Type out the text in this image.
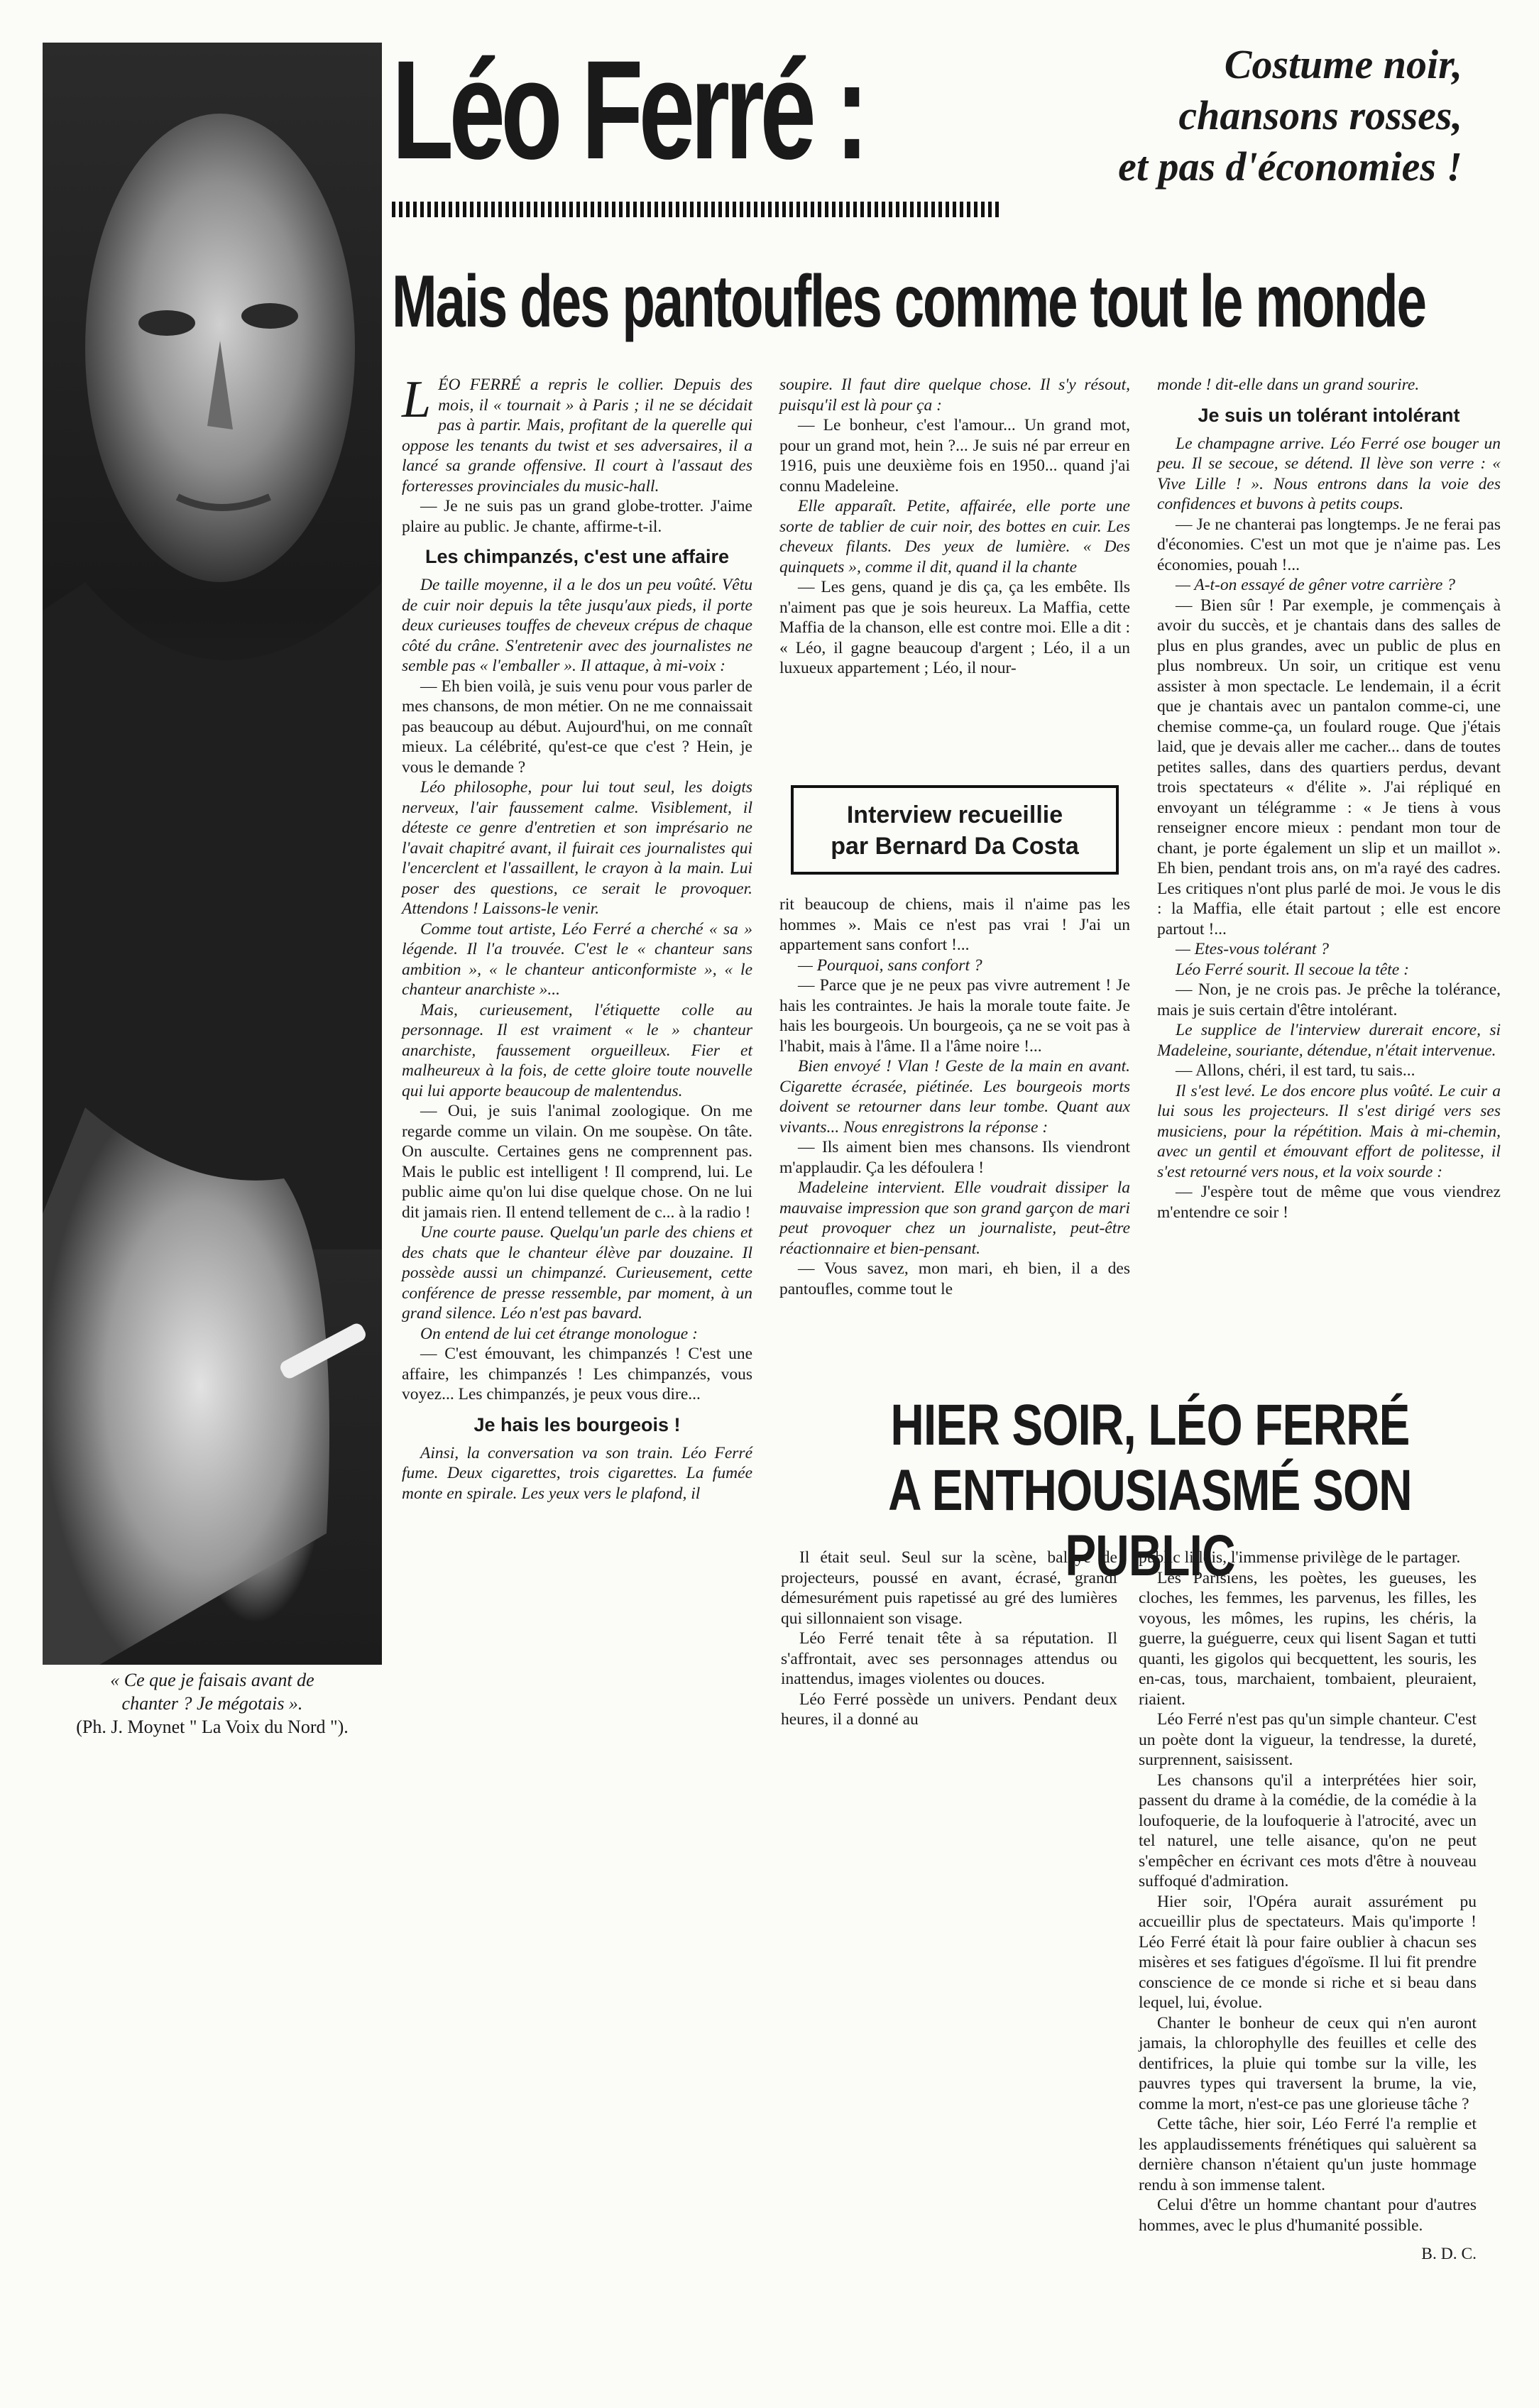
« Ce que je faisais avant de
chanter ? Je mégotais ».
(Ph. J. Moynet " La Voix du Nord ").
Léo Ferré :	Costume noir,
chansons rosses,
et pas d'économies !
Mais des pantoufles comme tout le monde

LÉO FERRÉ a repris le collier. Depuis des mois, il « tournait » à Paris ; il ne se décidait pas à partir. Mais, profitant de la querelle qui oppose les tenants du twist et ses adversaires, il a lancé sa grande offensive. Il court à l'assaut des forteresses provinciales du music-hall.

— Je ne suis pas un grand globe-trotter. J'aime plaire au public. Je chante, affirme-t-il.

Les chimpanzés, c'est une affaire

De taille moyenne, il a le dos un peu voûté. Vêtu de cuir noir depuis la tête jusqu'aux pieds, il porte deux curieuses touffes de cheveux crépus de chaque côté du crâne. S'entretenir avec des journalistes ne semble pas « l'emballer ». Il attaque, à mi-voix :

— Eh bien voilà, je suis venu pour vous parler de mes chansons, de mon métier. On ne me connaissait pas beaucoup au début. Aujourd'hui, on me connaît mieux. La célébrité, qu'est-ce que c'est ? Hein, je vous le demande ?

Léo philosophe, pour lui tout seul, les doigts nerveux, l'air faussement calme. Visiblement, il déteste ce genre d'entretien et son imprésario ne l'avait chapitré avant, il fuirait ces journalistes qui l'encerclent et l'assaillent, le crayon à la main. Lui poser des questions, ce serait le provoquer. Attendons ! Laissons-le venir.

Comme tout artiste, Léo Ferré a cherché « sa » légende. Il l'a trouvée. C'est le « chanteur sans ambition », « le chanteur anticonformiste », « le chanteur anarchiste »...

Mais, curieusement, l'étiquette colle au personnage. Il est vraiment « le » chanteur anarchiste, faussement orgueilleux. Fier et malheureux à la fois, de cette gloire toute nouvelle qui lui apporte beaucoup de malentendus.

— Oui, je suis l'animal zoologique. On me regarde comme un vilain. On me soupèse. On tâte. On ausculte. Certaines gens ne comprennent pas. Mais le public est intelligent ! Il comprend, lui. Le public aime qu'on lui dise quelque chose. On ne lui dit jamais rien. Il entend tellement de c... à la radio !

Une courte pause. Quelqu'un parle des chiens et des chats que le chanteur élève par douzaine. Il possède aussi un chimpanzé. Curieusement, cette conférence de presse ressemble, par moment, à un grand silence. Léo n'est pas bavard.

On entend de lui cet étrange monologue :

— C'est émouvant, les chimpanzés ! C'est une affaire, les chimpanzés ! Les chimpanzés, vous voyez... Les chimpanzés, je peux vous dire...

Je hais les bourgeois !

Ainsi, la conversation va son train. Léo Ferré fume. Deux cigarettes, trois cigarettes. La fumée monte en spirale. Les yeux vers le plafond, il

soupire. Il faut dire quelque chose. Il s'y résout, puisqu'il est là pour ça :

— Le bonheur, c'est l'amour... Un grand mot, pour un grand mot, hein ?... Je suis né par erreur en 1916, puis une deuxième fois en 1950... quand j'ai connu Madeleine.

Elle apparaît. Petite, affairée, elle porte une sorte de tablier de cuir noir, des bottes en cuir. Les cheveux filants. Des yeux de lumière. « Des quinquets », comme il dit, quand il la chante

— Les gens, quand je dis ça, ça les embête. Ils n'aiment pas que je sois heureux. La Maffia, cette Maffia de la chanson, elle est contre moi. Elle a dit : « Léo, il gagne beaucoup d'argent ; Léo, il a un luxueux appartement ; Léo, il nour-

Interview recueillie
par Bernard Da Costa

rit beaucoup de chiens, mais il n'aime pas les hommes ». Mais ce n'est pas vrai ! J'ai un appartement sans confort !...

— Pourquoi, sans confort ?

— Parce que je ne peux pas vivre autrement ! Je hais les contraintes. Je hais la morale toute faite. Je hais les bourgeois. Un bourgeois, ça ne se voit pas à l'habit, mais à l'âme. Il a l'âme noire !...

Bien envoyé ! Vlan ! Geste de la main en avant. Cigarette écrasée, piétinée. Les bourgeois morts doivent se retourner dans leur tombe. Quant aux vivants... Nous enregistrons la réponse :

— Ils aiment bien mes chansons. Ils viendront m'applaudir. Ça les défoulera !

Madeleine intervient. Elle voudrait dissiper la mauvaise impression que son grand garçon de mari peut provoquer chez un journaliste, peut-être réactionnaire et bien-pensant.

— Vous savez, mon mari, eh bien, il a des pantoufles, comme tout le

monde ! dit-elle dans un grand sourire.

Je suis un tolérant intolérant

Le champagne arrive. Léo Ferré ose bouger un peu. Il se secoue, se détend. Il lève son verre : « Vive Lille ! ». Nous entrons dans la voie des confidences et buvons à petits coups.

— Je ne chanterai pas longtemps. Je ne ferai pas d'économies. C'est un mot que je n'aime pas. Les économies, pouah !...

— A-t-on essayé de gêner votre carrière ?

— Bien sûr ! Par exemple, je commençais à avoir du succès, et je chantais dans des salles de plus en plus grandes, avec un public de plus en plus nombreux. Un soir, un critique est venu assister à mon spectacle. Le lendemain, il a écrit que je chantais avec un pantalon comme-ci, une chemise comme-ça, un foulard rouge. Que j'étais laid, que je devais aller me cacher... dans de toutes petites salles, dans des quartiers perdus, devant trois spectateurs « d'élite ». J'ai répliqué en envoyant un télégramme : « Je tiens à vous renseigner encore mieux : pendant mon tour de chant, je porte également un slip et un maillot ». Eh bien, pendant trois ans, on m'a rayé des cadres. Les critiques n'ont plus parlé de moi. Je vous le dis : la Maffia, elle était partout ; elle est encore partout !...

— Etes-vous tolérant ?

Léo Ferré sourit. Il secoue la tête :

— Non, je ne crois pas. Je prêche la tolérance, mais je suis certain d'être intolérant.

Le supplice de l'interview durerait encore, si Madeleine, souriante, détendue, n'était intervenue.

— Allons, chéri, il est tard, tu sais...

Il s'est levé. Le dos encore plus voûté. Le cuir a lui sous les projecteurs. Il s'est dirigé vers ses musiciens, pour la répétition. Mais à mi-chemin, avec un gentil et émouvant effort de politesse, il s'est retourné vers nous, et la voix sourde :

— J'espère tout de même que vous viendrez m'entendre ce soir !

HIER SOIR, LÉO FERRÉ
A ENTHOUSIASMÉ SON PUBLIC

Il était seul. Seul sur la scène, balayé de projecteurs, poussé en avant, écrasé, grandi démesurément puis rapetissé au gré des lumières qui sillonnaient son visage.

Léo Ferré tenait tête à sa réputation. Il s'affrontait, avec ses personnages attendus ou inattendus, images violentes ou douces.

Léo Ferré possède un univers. Pendant deux heures, il a donné au

public lillois, l'immense privilège de le partager.

Les Parisiens, les poètes, les gueuses, les cloches, les femmes, les parvenus, les filles, les voyous, les mômes, les rupins, les chéris, la guerre, la guéguerre, ceux qui lisent Sagan et tutti quanti, les gigolos qui becquettent, les souris, les en-cas, tous, marchaient, tombaient, pleuraient, riaient.

Léo Ferré n'est pas qu'un simple chanteur. C'est un poète dont la vigueur, la tendresse, la dureté, surprennent, saisissent.

Les chansons qu'il a interprétées hier soir, passent du drame à la comédie, de la comédie à la loufoquerie, de la loufoquerie à l'atrocité, avec un tel naturel, une telle aisance, qu'on ne peut s'empêcher en écrivant ces mots d'être à nouveau suffoqué d'admiration.

Hier soir, l'Opéra aurait assurément pu accueillir plus de spectateurs. Mais qu'importe ! Léo Ferré était là pour faire oublier à chacun ses misères et ses fatigues d'égoïsme. Il lui fit prendre conscience de ce monde si riche et si beau dans lequel, lui, évolue.

Chanter le bonheur de ceux qui n'en auront jamais, la chlorophylle des feuilles et celle des dentifrices, la pluie qui tombe sur la ville, les pauvres types qui traversent la brume, la vie, comme la mort, n'est-ce pas une glorieuse tâche ?

Cette tâche, hier soir, Léo Ferré l'a remplie et les applaudissements frénétiques qui saluèrent sa dernière chanson n'étaient qu'un juste hommage rendu à son immense talent.

Celui d'être un homme chantant pour d'autres hommes, avec le plus d'humanité possible.

B. D. C.
